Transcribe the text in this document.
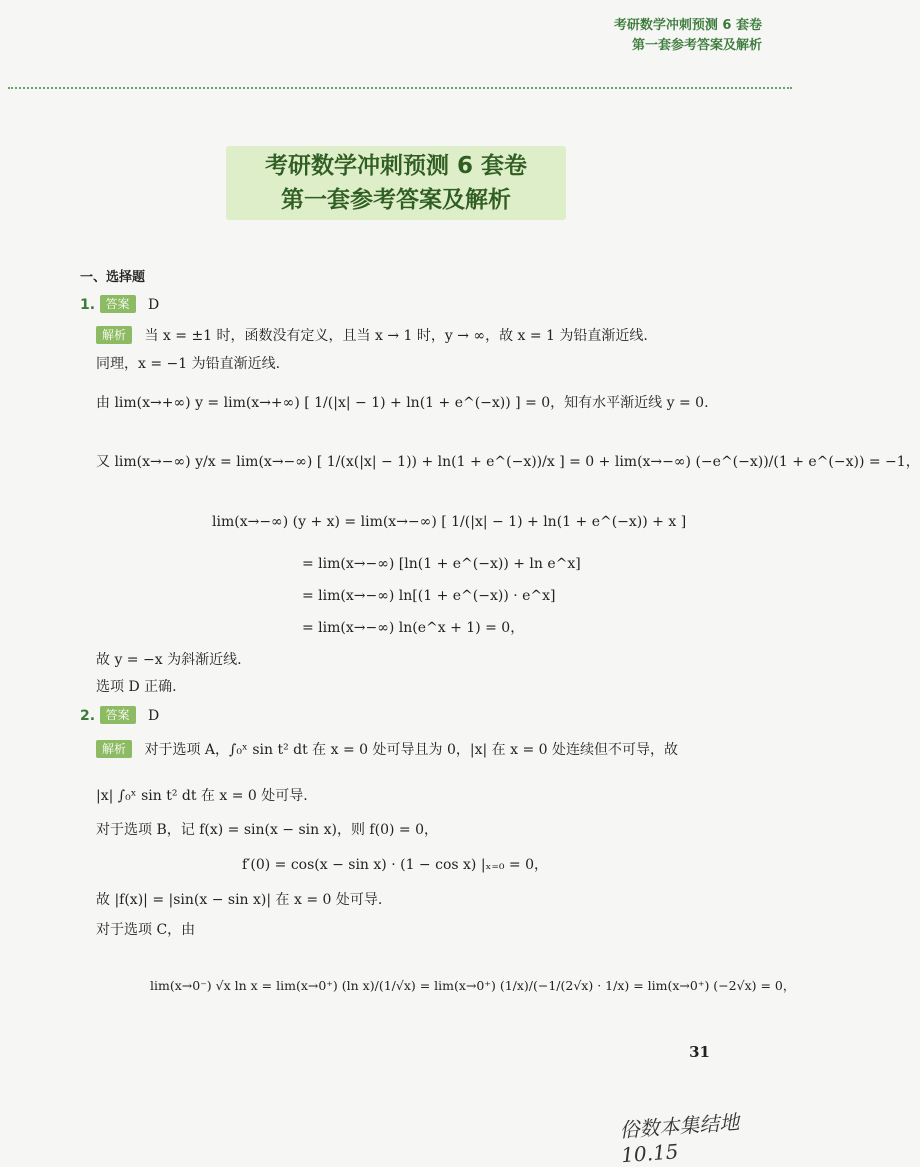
考研数学冲刺预测 6 套卷
第一套参考答案及解析
考研数学冲刺预测 6 套卷
第一套参考答案及解析
一、选择题
1. 答案 D
解析 当 x = ±1 时，函数没有定义，且当 x → 1 时，y → ∞，故 x = 1 为铅直渐近线.
同理，x = −1 为铅直渐近线.
由 lim(x→+∞) y = lim(x→+∞) [ 1/(|x| − 1) + ln(1 + e^(−x)) ] = 0，知有水平渐近线 y = 0.
又 lim(x→−∞) y/x = lim(x→−∞) [ 1/(x(|x| − 1)) + ln(1 + e^(−x))/x ] = 0 + lim(x→−∞) (−e^(−x))/(1 + e^(−x)) = −1，
lim(x→−∞) (y + x) = lim(x→−∞) [ 1/(|x| − 1) + ln(1 + e^(−x)) + x ]
= lim(x→−∞) [ln(1 + e^(−x)) + ln e^x]
= lim(x→−∞) ln[(1 + e^(−x)) · e^x]
= lim(x→−∞) ln(e^x + 1) = 0，
故 y = −x 为斜渐近线.
选项 D 正确.
2. 答案 D
解析 对于选项 A，∫₀ˣ sin t² dt 在 x = 0 处可导且为 0，|x| 在 x = 0 处连续但不可导，故
|x| ∫₀ˣ sin t² dt 在 x = 0 处可导.
对于选项 B，记 f(x) = sin(x − sin x)，则 f(0) = 0，
f′(0) = cos(x − sin x) · (1 − cos x) |ₓ₌₀ = 0，
故 |f(x)| = |sin(x − sin x)| 在 x = 0 处可导.
对于选项 C，由
lim(x→0⁻) √x ln x = lim(x→0⁺) (ln x)/(1/√x) = lim(x→0⁺) (1/x)/(−1/(2√x) · 1/x) = lim(x→0⁺) (−2√x) = 0，
31
俗数本集结地 10.15
